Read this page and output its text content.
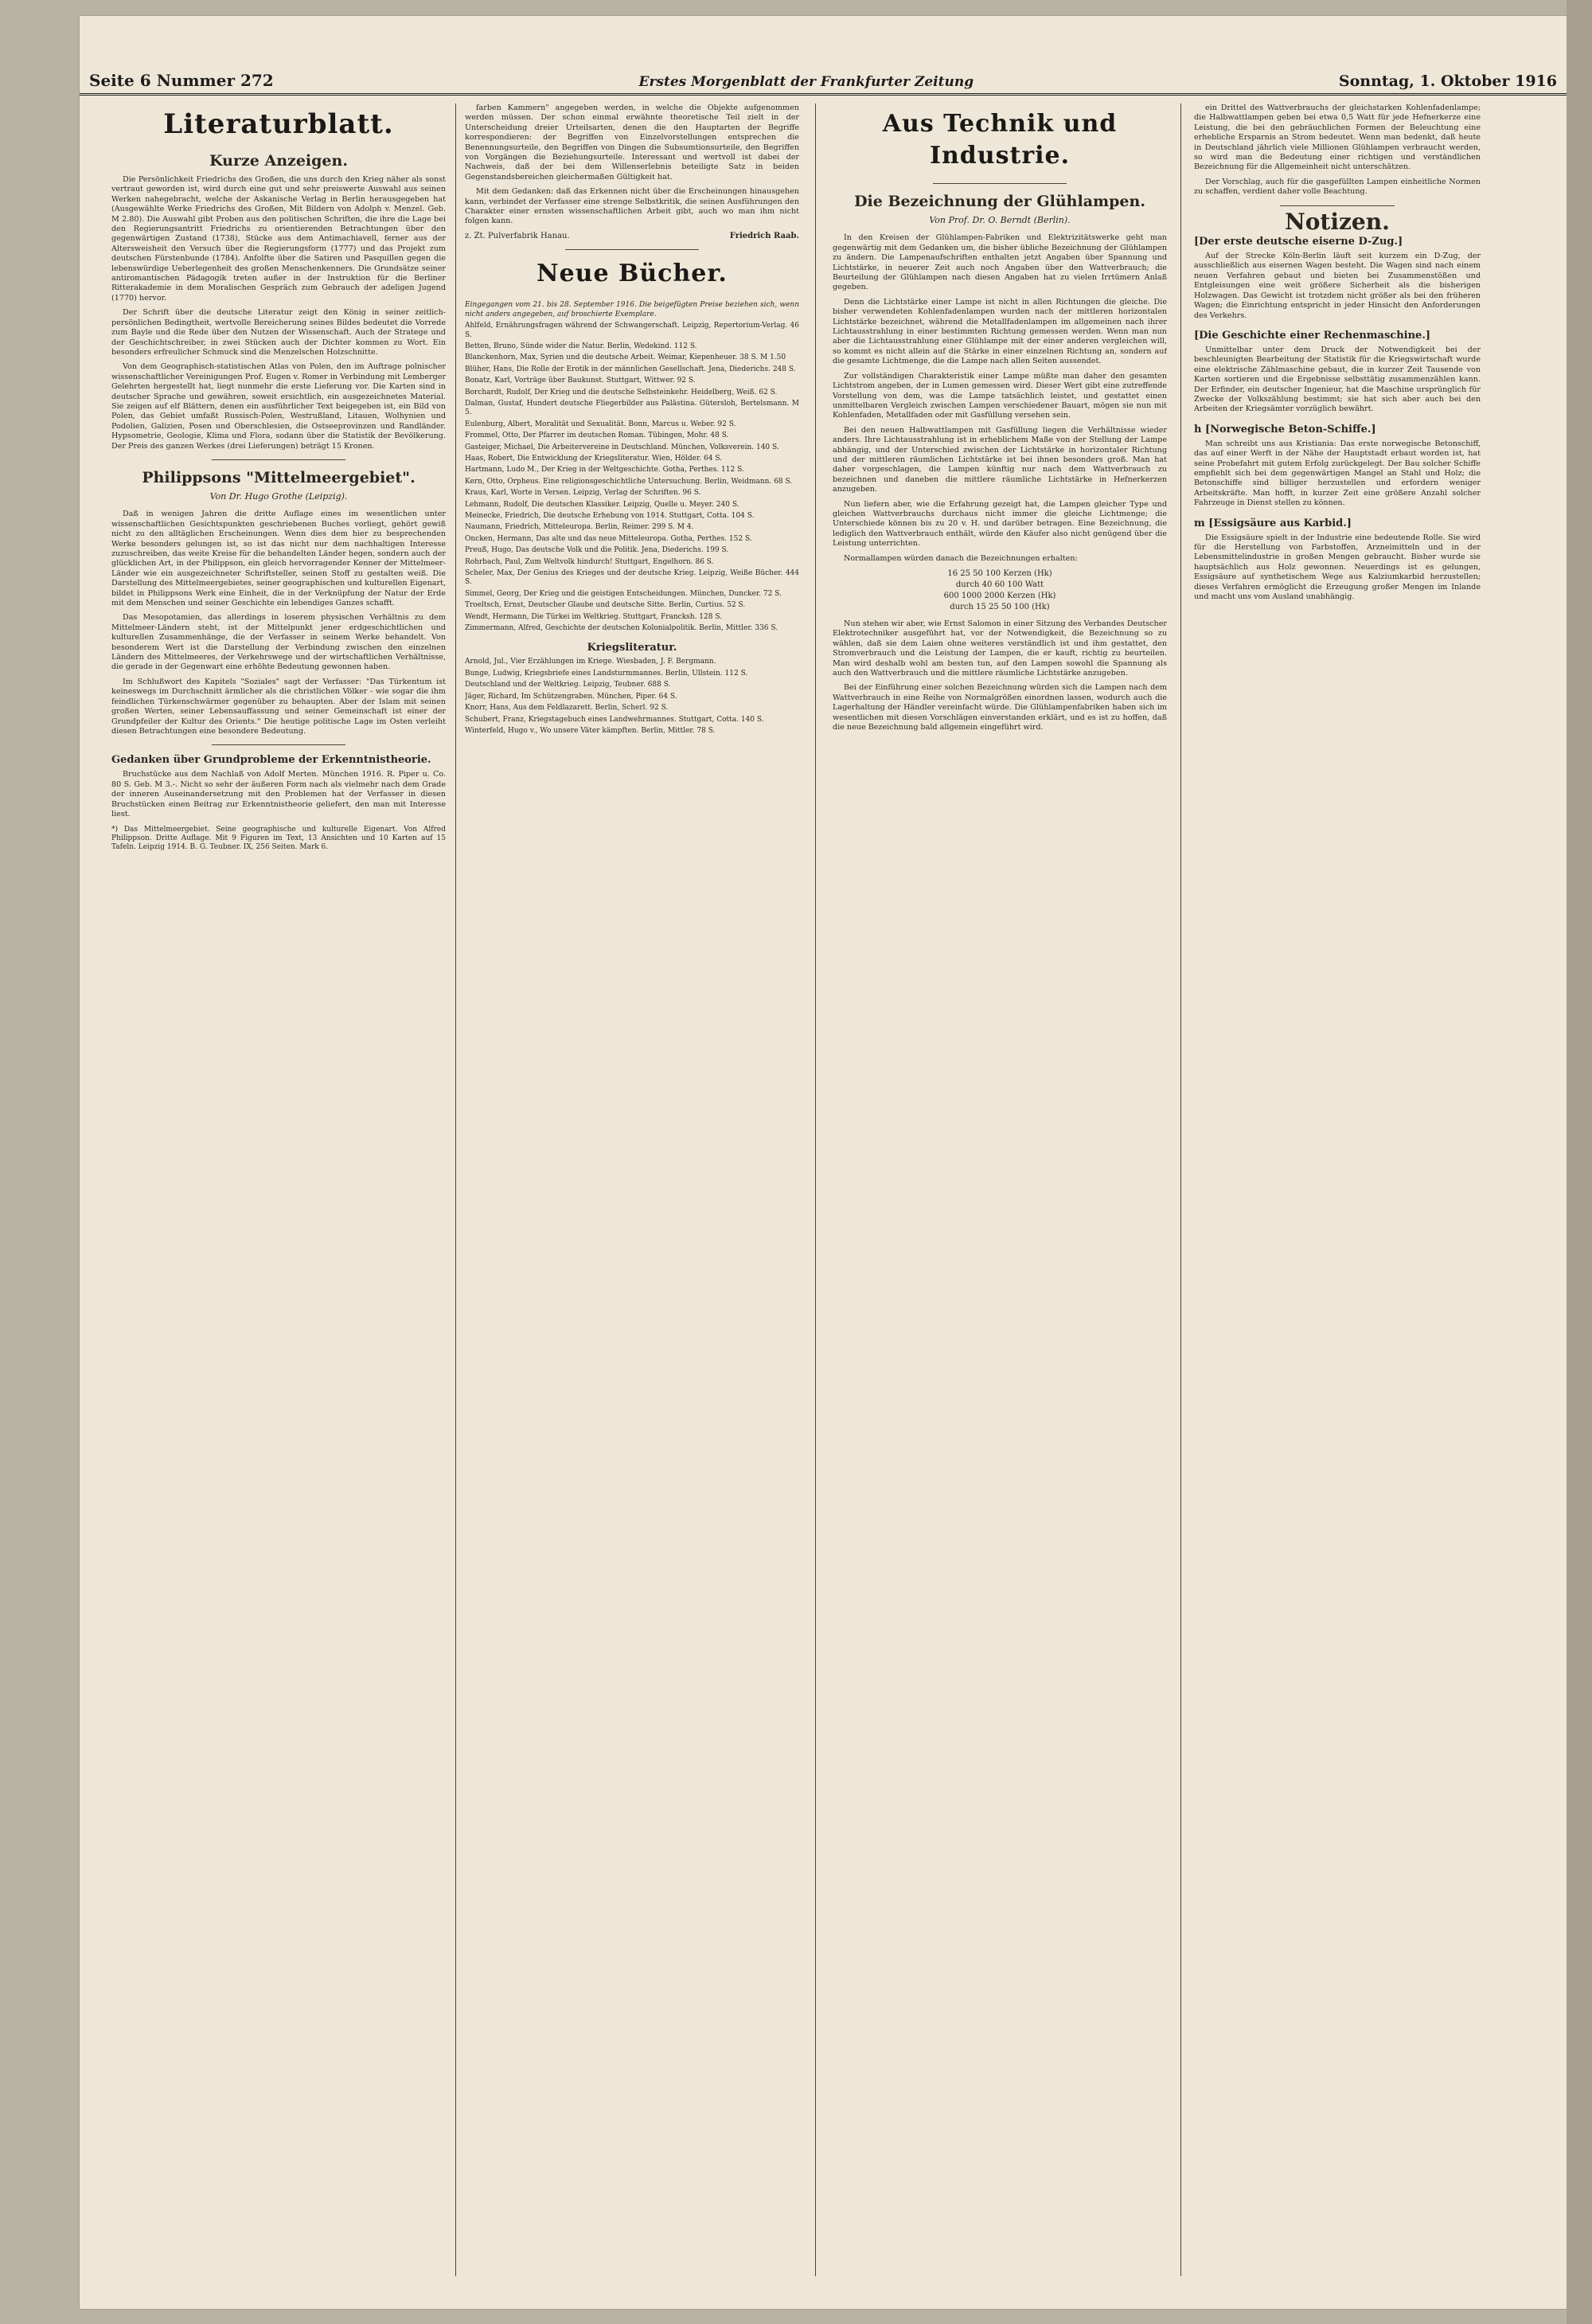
Seite 6 Nummer 272	Erstes Morgenblatt der Frankfurter Zeitung	Sonntag, 1. Oktober 1916
Literaturblatt.
Kurze Anzeigen.

Die Persönlichkeit Friedrichs des Großen, die uns durch den Krieg näher als sonst vertraut geworden ist, wird durch eine gut und sehr preiswerte Auswahl aus seinen Werken nahegebracht, welche der Askanische Verlag in Berlin herausgegeben hat (Ausgewählte Werke Friedrichs des Großen, Mit Bildern von Adolph v. Menzel. Geb. M 2.80). Die Auswahl gibt Proben aus den politischen Schriften, die ihre die Lage bei den Regierungsantritt Friedrichs zu orientierenden Betrachtungen über den gegenwärtigen Zustand (1738), Stücke aus dem Antimachiavell, ferner aus der Altersweisheit den Versuch über die Regierungsform (1777) und das Projekt zum deutschen Fürstenbunde (1784). Anfolfte über die Satiren und Pasquillen gegen die lebenswürdige Ueberlegenheit des großen Menschenkenners. Die Grundsätze seiner antiromantischen Pädagogik treten außer in der Instruktion für die Berliner Ritterakademie in dem Moralischen Gespräch zum Gebrauch der adeligen Jugend (1770) hervor.

Der Schrift über die deutsche Literatur zeigt den König in seiner zeitlich-persönlichen Bedingtheit, wertvolle Bereicherung seines Bildes bedeutet die Vorrede zum Bayle und die Rede über den Nutzen der Wissenschaft. Auch der Stratege und der Geschichtschreiber, in zwei Stücken auch der Dichter kommen zu Wort. Ein besonders erfreulicher Schmuck sind die Menzelschen Holzschnitte.

Von dem Geographisch-statistischen Atlas von Polen, den im Auftrage polnischer wissenschaftlicher Vereinigungen Prof. Eugen v. Romer in Verbindung mit Lemberger Gelehrten hergestellt hat, liegt nunmehr die erste Lieferung vor. Die Karten sind in deutscher Sprache und gewähren, soweit ersichtlich, ein ausgezeichnetes Material. Sie zeigen auf elf Blättern, denen ein ausführlicher Text beigegeben ist, ein Bild von Polen, das Gebiet umfaßt Russisch-Polen, Westrußland, Litauen, Wolhynien und Podolien, Galizien, Posen und Oberschlesien, die Ostseeprovinzen und Randländer. Hypsometrie, Geologie, Klima und Flora, sodann über die Statistik der Bevölkerung. Der Preis des ganzen Werkes (drei Lieferungen) beträgt 15 Kronen.

Philippsons "Mittelmeergebiet".
Von Dr. Hugo Grothe (Leipzig).

Daß in wenigen Jahren die dritte Auflage eines im wesentlichen unter wissenschaftlichen Gesichtspunkten geschriebenen Buches vorliegt, gehört gewiß nicht zu den alltäglichen Erscheinungen. Wenn dies dem hier zu besprechenden Werke besonders gelungen ist, so ist das nicht nur dem nachhaltigen Interesse zuzuschreiben, das weite Kreise für die behandelten Länder hegen, sondern auch der glücklichen Art, in der Philippson, ein gleich hervorragender Kenner der Mittelmeer-Länder wie ein ausgezeichneter Schriftsteller, seinen Stoff zu gestalten weiß. Die Darstellung des Mittelmeergebietes, seiner geographischen und kulturellen Eigenart, bildet in Philippsons Werk eine Einheit, die in der Verknüpfung der Natur der Erde mit dem Menschen und seiner Geschichte ein lebendiges Ganzes schafft.

Das Mesopotamien, das allerdings in loserem physischen Verhältnis zu dem Mittelmeer-Ländern steht, ist der Mittelpunkt jener erdgeschichtlichen und kulturellen Zusammenhänge, die der Verfasser in seinem Werke behandelt. Von besonderem Wert ist die Darstellung der Verbindung zwischen den einzelnen Ländern des Mittelmeeres, der Verkehrswege und der wirtschaftlichen Verhältnisse, die gerade in der Gegenwart eine erhöhte Bedeutung gewonnen haben.

Im Schlußwort des Kapitels "Soziales" sagt der Verfasser: "Das Türkentum ist keineswegs im Durchschnitt ärmlicher als die christlichen Völker - wie sogar die ihm feindlichen Türkenschwärmer gegenüber zu behaupten. Aber der Islam mit seinen großen Werten, seiner Lebensauffassung und seiner Gemeinschaft ist einer der Grundpfeiler der Kultur des Orients." Die heutige politische Lage im Osten verleiht diesen Betrachtungen eine besondere Bedeutung.

Gedanken über Grundprobleme der Erkenntnistheorie.

Bruchstücke aus dem Nachlaß von Adolf Merten. München 1916. R. Piper u. Co. 80 S. Geb. M 3.-. Nicht so sehr der äußeren Form nach als vielmehr nach dem Grade der inneren Auseinandersetzung mit den Problemen hat der Verfasser in diesen Bruchstücken einen Beitrag zur Erkenntnistheorie geliefert, den man mit Interesse liest.

*) Das Mittelmeergebiet. Seine geographische und kulturelle Eigenart. Von Alfred Philippson. Dritte Auflage. Mit 9 Figuren im Text, 13 Ansichten und 10 Karten auf 15 Tafeln. Leipzig 1914. B. G. Teubner. IX, 256 Seiten. Mark 6.

farben Kammern" angegeben werden, in welche die Objekte aufgenommen werden müssen. Der schon einmal erwähnte theoretische Teil zielt in der Unterscheidung dreier Urteilsarten, denen die den Hauptarten der Begriffe korrespondieren: der Begriffen von Einzelvorstellungen entsprechen die Benennungsurteile, den Begriffen von Dingen die Subsumtionsurteile, den Begriffen von Vorgängen die Beziehungsurteile. Interessant und wertvoll ist dabei der Nachweis, daß der bei dem Willenserlebnis beteiligte Satz in beiden Gegenstandsbereichen gleichermaßen Gültigkeit hat.

Mit dem Gedanken: daß das Erkennen nicht über die Erscheinungen hinausgehen kann, verbindet der Verfasser eine strenge Selbstkritik, die seinen Ausführungen den Charakter einer ernsten wissenschaftlichen Arbeit gibt, auch wo man ihm nicht folgen kann.

z. Zt. Pulverfabrik Hanau.	Friedrich Raab.
Neue Bücher.

Eingegangen vom 21. bis 28. September 1916. Die beigefügten Preise beziehen sich, wenn nicht anders angegeben, auf broschierte Exemplare.

Ahlfeld, Ernährungsfragen während der Schwangerschaft. Leipzig, Repertorium-Verlag. 46 S.

Betten, Bruno, Sünde wider die Natur. Berlin, Wedekind. 112 S.

Blanckenhorn, Max, Syrien und die deutsche Arbeit. Weimar, Kiepenheuer. 38 S. M 1.50

Blüher, Hans, Die Rolle der Erotik in der männlichen Gesellschaft. Jena, Diederichs. 248 S.

Bonatz, Karl, Vorträge über Baukunst. Stuttgart, Wittwer. 92 S.

Borchardt, Rudolf, Der Krieg und die deutsche Selbsteinkehr. Heidelberg, Weiß. 62 S.

Dalman, Gustaf, Hundert deutsche Fliegerbilder aus Palästina. Gütersloh, Bertelsmann. M 5.

Eulenburg, Albert, Moralität und Sexualität. Bonn, Marcus u. Weber. 92 S.

Frommel, Otto, Der Pfarrer im deutschen Roman. Tübingen, Mohr. 48 S.

Gasteiger, Michael, Die Arbeitervereine in Deutschland. München, Volksverein. 140 S.

Haas, Robert, Die Entwicklung der Kriegsliteratur. Wien, Hölder. 64 S.

Hartmann, Ludo M., Der Krieg in der Weltgeschichte. Gotha, Perthes. 112 S.

Kern, Otto, Orpheus. Eine religionsgeschichtliche Untersuchung. Berlin, Weidmann. 68 S.

Kraus, Karl, Worte in Versen. Leipzig, Verlag der Schriften. 96 S.

Lehmann, Rudolf, Die deutschen Klassiker. Leipzig, Quelle u. Meyer. 240 S.

Meinecke, Friedrich, Die deutsche Erhebung von 1914. Stuttgart, Cotta. 104 S.

Naumann, Friedrich, Mitteleuropa. Berlin, Reimer. 299 S. M 4.

Oncken, Hermann, Das alte und das neue Mitteleuropa. Gotha, Perthes. 152 S.

Preuß, Hugo, Das deutsche Volk und die Politik. Jena, Diederichs. 199 S.

Rohrbach, Paul, Zum Weltvolk hindurch! Stuttgart, Engelhorn. 86 S.

Scheler, Max, Der Genius des Krieges und der deutsche Krieg. Leipzig, Weiße Bücher. 444 S.

Simmel, Georg, Der Krieg und die geistigen Entscheidungen. München, Duncker. 72 S.

Troeltsch, Ernst, Deutscher Glaube und deutsche Sitte. Berlin, Curtius. 52 S.

Wendt, Hermann, Die Türkei im Weltkrieg. Stuttgart, Francksh. 128 S.

Zimmermann, Alfred, Geschichte der deutschen Kolonialpolitik. Berlin, Mittler. 336 S.

Kriegsliteratur.

Arnold, Jul., Vier Erzählungen im Kriege. Wiesbaden, J. F. Bergmann.

Bunge, Ludwig, Kriegsbriefe eines Landsturmmannes. Berlin, Ullstein. 112 S.

Deutschland und der Weltkrieg. Leipzig, Teubner. 688 S.

Jäger, Richard, Im Schützengraben. München, Piper. 64 S.

Knorr, Hans, Aus dem Feldlazarett. Berlin, Scherl. 92 S.

Schubert, Franz, Kriegstagebuch eines Landwehrmannes. Stuttgart, Cotta. 140 S.

Winterfeld, Hugo v., Wo unsere Väter kämpften. Berlin, Mittler. 78 S.

Aus Technik und Industrie.
Die Bezeichnung der Glühlampen.
Von Prof. Dr. O. Berndt (Berlin).

In den Kreisen der Glühlampen-Fabriken und Elektrizitätswerke geht man gegenwärtig mit dem Gedanken um, die bisher übliche Bezeichnung der Glühlampen zu ändern. Die Lampenaufschriften enthalten jetzt Angaben über Spannung und Lichtstärke, in neuerer Zeit auch noch Angaben über den Wattverbrauch; die Beurteilung der Glühlampen nach diesen Angaben hat zu vielen Irrtümern Anlaß gegeben.

Denn die Lichtstärke einer Lampe ist nicht in allen Richtungen die gleiche. Die bisher verwendeten Kohlenfadenlampen wurden nach der mittleren horizontalen Lichtstärke bezeichnet, während die Metallfadenlampen im allgemeinen nach ihrer Lichtausstrahlung in einer bestimmten Richtung gemessen werden. Wenn man nun aber die Lichtausstrahlung einer Glühlampe mit der einer anderen vergleichen will, so kommt es nicht allein auf die Stärke in einer einzelnen Richtung an, sondern auf die gesamte Lichtmenge, die die Lampe nach allen Seiten aussendet.

Zur vollständigen Charakteristik einer Lampe müßte man daher den gesamten Lichtstrom angeben, der in Lumen gemessen wird. Dieser Wert gibt eine zutreffende Vorstellung von dem, was die Lampe tatsächlich leistet, und gestattet einen unmittelbaren Vergleich zwischen Lampen verschiedener Bauart, mögen sie nun mit Kohlenfaden, Metallfaden oder mit Gasfüllung versehen sein.

Bei den neuen Halbwattlampen mit Gasfüllung liegen die Verhältnisse wieder anders. Ihre Lichtausstrahlung ist in erheblichem Maße von der Stellung der Lampe abhängig, und der Unterschied zwischen der Lichtstärke in horizontaler Richtung und der mittleren räumlichen Lichtstärke ist bei ihnen besonders groß. Man hat daher vorgeschlagen, die Lampen künftig nur nach dem Wattverbrauch zu bezeichnen und daneben die mittlere räumliche Lichtstärke in Hefnerkerzen anzugeben.

Nun liefern aber, wie die Erfahrung gezeigt hat, die Lampen gleicher Type und gleichen Wattverbrauchs durchaus nicht immer die gleiche Lichtmenge; die Unterschiede können bis zu 20 v. H. und darüber betragen. Eine Bezeichnung, die lediglich den Wattverbrauch enthält, würde den Käufer also nicht genügend über die Leistung unterrichten.

Normallampen würden danach die Bezeichnungen erhalten:

16 25 50 100 Kerzen (Hk)
durch 40 60 100 Watt
600 1000 2000 Kerzen (Hk)
durch 15 25 50 100 (Hk)

Nun stehen wir aber, wie Ernst Salomon in einer Sitzung des Verbandes Deutscher Elektrotechniker ausgeführt hat, vor der Notwendigkeit, die Bezeichnung so zu wählen, daß sie dem Laien ohne weiteres verständlich ist und ihm gestattet, den Stromverbrauch und die Leistung der Lampen, die er kauft, richtig zu beurteilen. Man wird deshalb wohl am besten tun, auf den Lampen sowohl die Spannung als auch den Wattverbrauch und die mittlere räumliche Lichtstärke anzugeben.

Bei der Einführung einer solchen Bezeichnung würden sich die Lampen nach dem Wattverbrauch in eine Reihe von Normalgrößen einordnen lassen, wodurch auch die Lagerhaltung der Händler vereinfacht würde. Die Glühlampenfabriken haben sich im wesentlichen mit diesen Vorschlägen einverstanden erklärt, und es ist zu hoffen, daß die neue Bezeichnung bald allgemein eingeführt wird.

ein Drittel des Wattverbrauchs der gleichstarken Kohlenfadenlampe; die Halbwattlampen geben bei etwa 0,5 Watt für jede Hefnerkerze eine Leistung, die bei den gebräuchlichen Formen der Beleuchtung eine erhebliche Ersparnis an Strom bedeutet. Wenn man bedenkt, daß heute in Deutschland jährlich viele Millionen Glühlampen verbraucht werden, so wird man die Bedeutung einer richtigen und verständlichen Bezeichnung für die Allgemeinheit nicht unterschätzen.

Der Vorschlag, auch für die gasgefüllten Lampen einheitliche Normen zu schaffen, verdient daher volle Beachtung.

Notizen.
[Der erste deutsche eiserne D-Zug.]

Auf der Strecke Köln-Berlin läuft seit kurzem ein D-Zug, der ausschließlich aus eisernen Wagen besteht. Die Wagen sind nach einem neuen Verfahren gebaut und bieten bei Zusammenstößen und Entgleisungen eine weit größere Sicherheit als die bisherigen Holzwagen. Das Gewicht ist trotzdem nicht größer als bei den früheren Wagen; die Einrichtung entspricht in jeder Hinsicht den Anforderungen des Verkehrs.

[Die Geschichte einer Rechenmaschine.]

Unmittelbar unter dem Druck der Notwendigkeit bei der beschleunigten Bearbeitung der Statistik für die Kriegswirtschaft wurde eine elektrische Zählmaschine gebaut, die in kurzer Zeit Tausende von Karten sortieren und die Ergebnisse selbsttätig zusammenzählen kann. Der Erfinder, ein deutscher Ingenieur, hat die Maschine ursprünglich für Zwecke der Volkszählung bestimmt; sie hat sich aber auch bei den Arbeiten der Kriegsämter vorzüglich bewährt.

h [Norwegische Beton-Schiffe.]

Man schreibt uns aus Kristiania: Das erste norwegische Betonschiff, das auf einer Werft in der Nähe der Hauptstadt erbaut worden ist, hat seine Probefahrt mit gutem Erfolg zurückgelegt. Der Bau solcher Schiffe empfiehlt sich bei dem gegenwärtigen Mangel an Stahl und Holz; die Betonschiffe sind billiger herzustellen und erfordern weniger Arbeitskräfte. Man hofft, in kurzer Zeit eine größere Anzahl solcher Fahrzeuge in Dienst stellen zu können.

m [Essigsäure aus Karbid.]

Die Essigsäure spielt in der Industrie eine bedeutende Rolle. Sie wird für die Herstellung von Farbstoffen, Arzneimitteln und in der Lebensmittelindustrie in großen Mengen gebraucht. Bisher wurde sie hauptsächlich aus Holz gewonnen. Neuerdings ist es gelungen, Essigsäure auf synthetischem Wege aus Kalziumkarbid herzustellen; dieses Verfahren ermöglicht die Erzeugung großer Mengen im Inlande und macht uns vom Ausland unabhängig.
